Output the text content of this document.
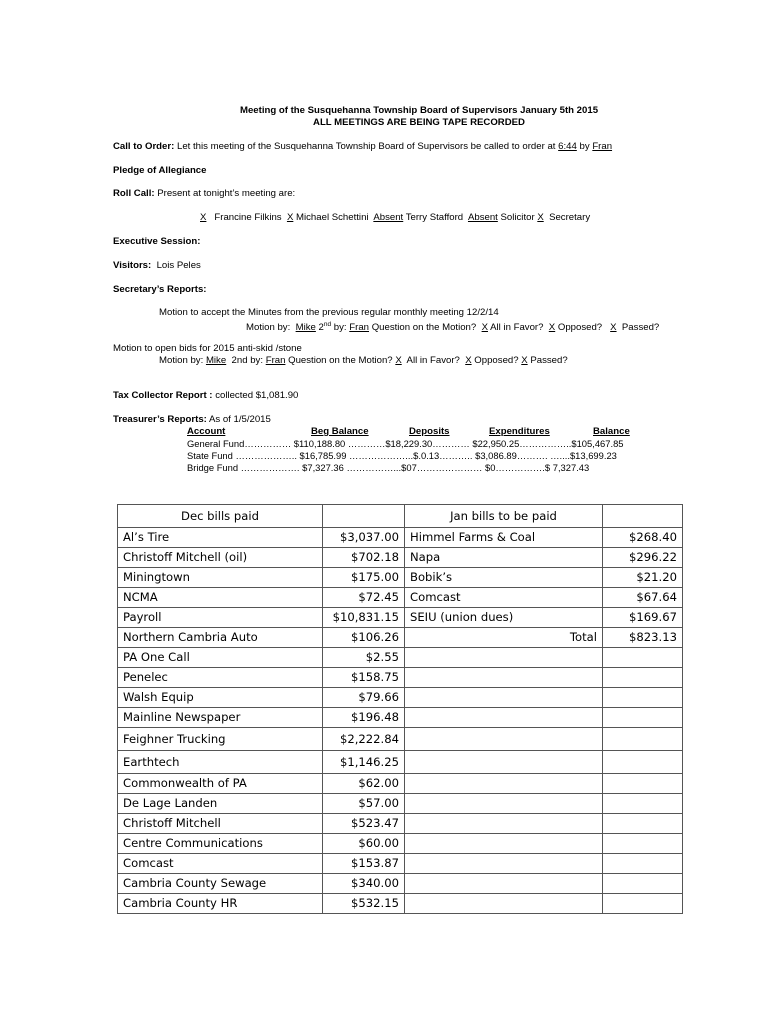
Meeting of the Susquehanna Township Board of Supervisors January 5th 2015
ALL MEETINGS ARE BEING TAPE RECORDED
Call to Order: Let this meeting of the Susquehanna Township Board of Supervisors be called to order at 6:44 by Fran
Pledge of Allegiance
Roll Call: Present at tonight’s meeting are:
X Francine Filkins X Michael Schettini Absent Terry Stafford Absent Solicitor X Secretary
Executive Session:
Visitors: Lois Peles
Secretary’s Reports:
Motion to accept the Minutes from the previous regular monthly meeting 12/2/14
Motion by: Mike 2nd by: Fran Question on the Motion? X All in Favor? X Opposed? X Passed?
Motion to open bids for 2015 anti-skid /stone
Motion by: Mike 2nd by: Fran Question on the Motion? X All in Favor? X Opposed? X Passed?
Tax Collector Report : collected $1,081.90
Treasurer’s Reports: As of 1/5/2015
Account	Beg Balance	Deposits	Expenditures	Balance
General Fund…………… $110,188.80 …………$18,229.30………… $22,950.25……………..$105,467.85
State Fund ……………….. $16,785.99 ………………...$.0.13……….. $3,086.89………. …....$13,699.23
Bridge Fund ………………. $7,327.36 ……………...$07………………… $0…………….$ 7,327.43
Dec bills paid		Jan bills to be paid	
Al’s Tire	$3,037.00	Himmel Farms & Coal	$268.40
Christoff Mitchell (oil)	$702.18	Napa	$296.22
Miningtown	$175.00	Bobik’s	$21.20
NCMA	$72.45	Comcast	$67.64
Payroll	$10,831.15	SEIU (union dues)	$169.67
Northern Cambria Auto	$106.26	Total	$823.13
PA One Call	$2.55		
Penelec	$158.75		
Walsh Equip	$79.66		
Mainline Newspaper	$196.48		
Feighner Trucking	$2,222.84		
Earthtech	$1,146.25		
Commonwealth of PA	$62.00		
De Lage Landen	$57.00		
Christoff Mitchell	$523.47		
Centre Communications	$60.00		
Comcast	$153.87		
Cambria County Sewage	$340.00		
Cambria County HR	$532.15		
